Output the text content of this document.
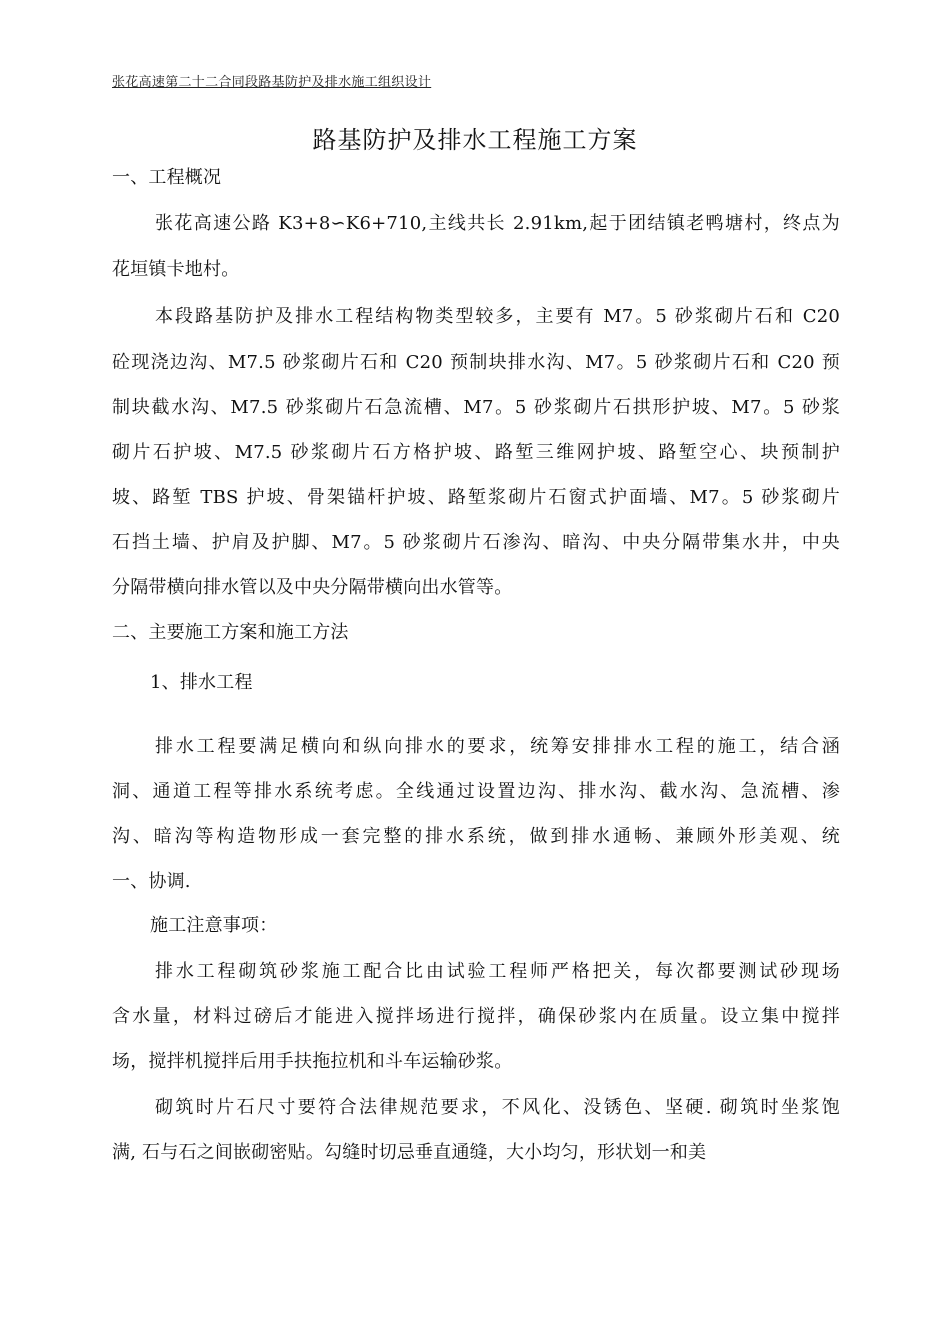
张花高速第二十二合同段路基防护及排水施工组织设计
路基防护及排水工程施工方案
一、工程概况
张花高速公路 K3+8∽K6+710,主线共长 2.91km,起于团结镇老鸭塘村，终点为
花垣镇卡地村。
本段路基防护及排水工程结构物类型较多，主要有 M7。5 砂浆砌片石和 C20
砼现浇边沟、M7.5 砂浆砌片石和 C20 预制块排水沟、M7。5 砂浆砌片石和 C20 预
制块截水沟、M7.5 砂浆砌片石急流槽、M7。5 砂浆砌片石拱形护坡、M7。5 砂浆
砌片石护坡、M7.5 砂浆砌片石方格护坡、路堑三维网护坡、路堑空心、块预制护
坡、路堑 TBS 护坡、骨架锚杆护坡、路堑浆砌片石窗式护面墙、M7。5 砂浆砌片
石挡土墙、护肩及护脚、M7。5 砂浆砌片石渗沟、暗沟、中央分隔带集水井，中央
分隔带横向排水管以及中央分隔带横向出水管等。
二、主要施工方案和施工方法
1、排水工程
排水工程要满足横向和纵向排水的要求，统筹安排排水工程的施工，结合涵
洞、通道工程等排水系统考虑。全线通过设置边沟、排水沟、截水沟、急流槽、渗
沟、暗沟等构造物形成一套完整的排水系统，做到排水通畅、兼顾外形美观、统
一、协调.
施工注意事项：
排水工程砌筑砂浆施工配合比由试验工程师严格把关，每次都要测试砂现场
含水量，材料过磅后才能进入搅拌场进行搅拌，确保砂浆内在质量。设立集中搅拌
场，搅拌机搅拌后用手扶拖拉机和斗车运输砂浆。
砌筑时片石尺寸要符合法律规范要求，不风化、没锈色、坚硬. 砌筑时坐浆饱
满, 石与石之间嵌砌密贴。勾缝时切忌垂直通缝，大小均匀，形状划一和美
